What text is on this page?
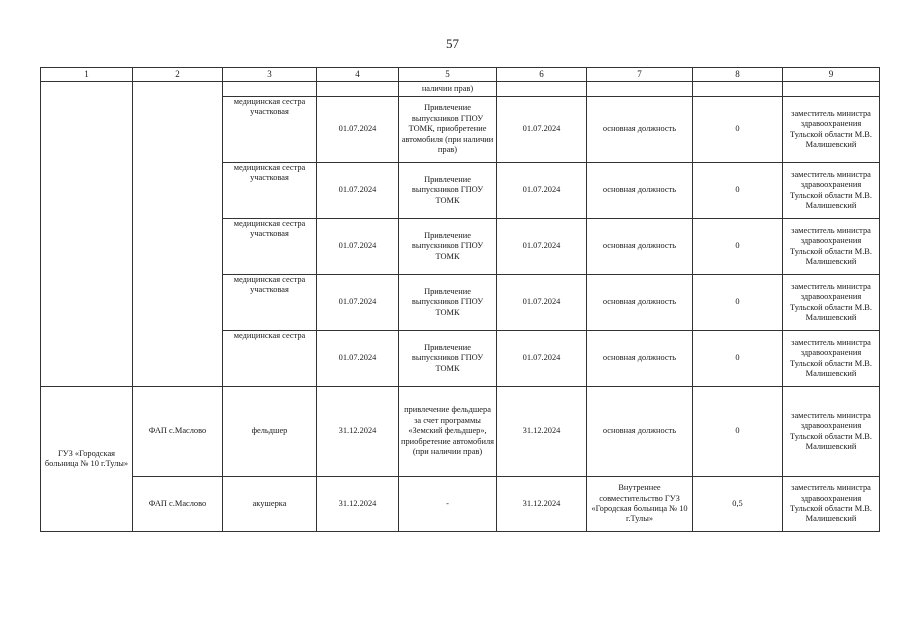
57
1	2	3	4	5	6	7	8	9
				наличии прав)				
		медицинская сестра участковая	01.07.2024	Привлечение выпускников ГПОУ ТОМК, приобретение автомобиля (при наличии прав)	01.07.2024	основная должность	0	заместитель министра здравоохранения Тульской области М.В. Малишевский
		медицинская сестра участковая	01.07.2024	Привлечение выпускников ГПОУ ТОМК	01.07.2024	основная должность	0	заместитель министра здравоохранения Тульской области М.В. Малишевский
		медицинская сестра участковая	01.07.2024	Привлечение выпускников ГПОУ ТОМК	01.07.2024	основная должность	0	заместитель министра здравоохранения Тульской области М.В. Малишевский
		медицинская сестра участковая	01.07.2024	Привлечение выпускников ГПОУ ТОМК	01.07.2024	основная должность	0	заместитель министра здравоохранения Тульской области М.В. Малишевский
		медицинская сестра	01.07.2024	Привлечение выпускников ГПОУ ТОМК	01.07.2024	основная должность	0	заместитель министра здравоохранения Тульской области М.В. Малишевский
ГУЗ «Городская больница № 10 г.Тулы»	ФАП с.Маслово	фельдшер	31.12.2024	привлечение фельдшера за счет программы «Земский фельдшер», приобретение автомобиля (при наличии прав)	31.12.2024	основная должность	0	заместитель министра здравоохранения Тульской области М.В. Малишевский
	ФАП с.Маслово	акушерка	31.12.2024	-	31.12.2024	Внутреннее совместительство ГУЗ «Городская больница № 10 г.Тулы»	0,5	заместитель министра здравоохранения Тульской области М.В. Малишевский
